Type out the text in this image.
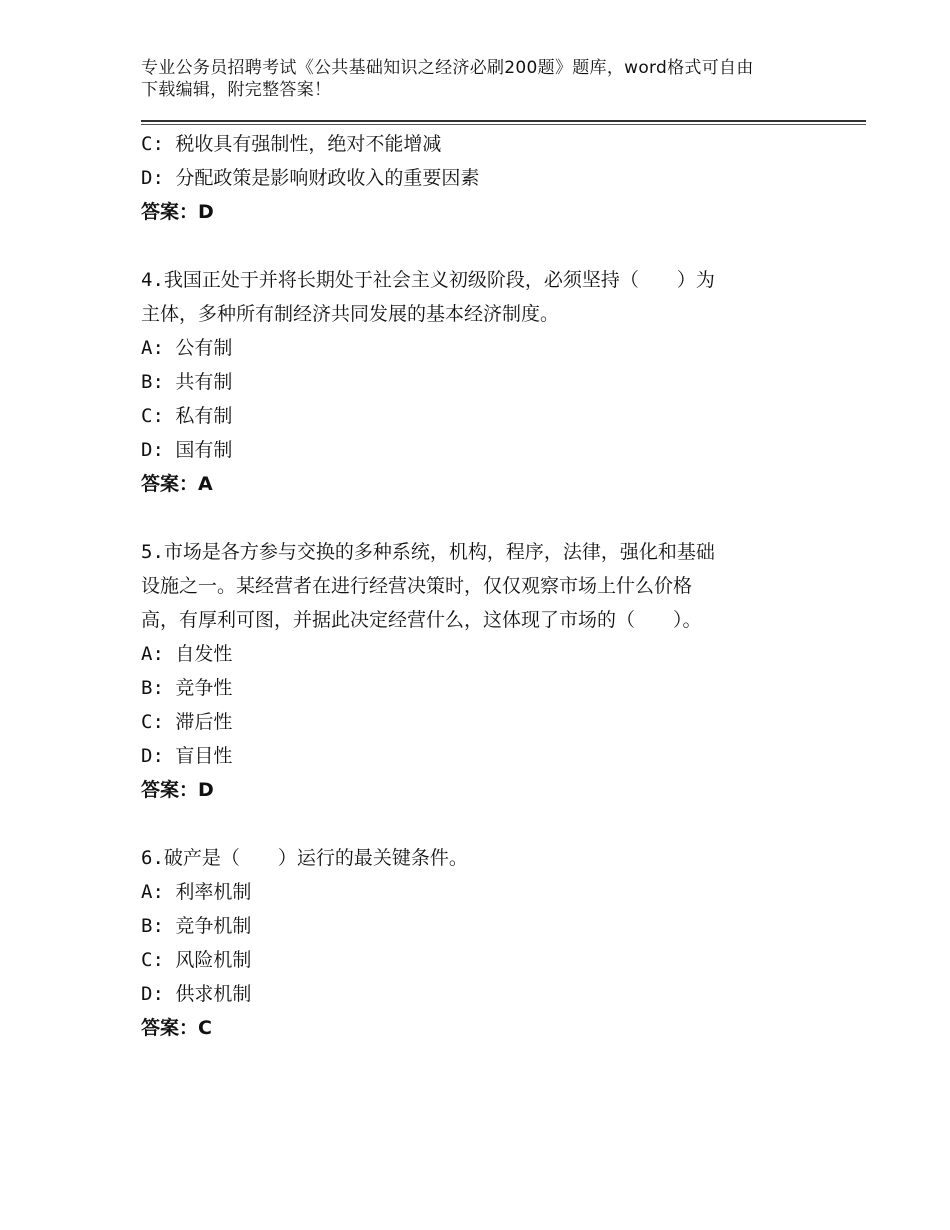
专业公务员招聘考试《公共基础知识之经济必刷200题》题库，word格式可自由
下载编辑，附完整答案！
C: 税收具有强制性，绝对不能增减
D: 分配政策是影响财政收入的重要因素
答案：D
4.我国正处于并将长期处于社会主义初级阶段，必须坚持（　　）为
主体，多种所有制经济共同发展的基本经济制度。
A: 公有制
B: 共有制
C: 私有制
D: 国有制
答案：A
5.市场是各方参与交换的多种系统，机构，程序，法律，强化和基础
设施之一。某经营者在进行经营决策时，仅仅观察市场上什么价格
高，有厚利可图，并据此决定经营什么，这体现了市场的（　　）。
A: 自发性
B: 竞争性
C: 滞后性
D: 盲目性
答案：D
6.破产是（　　）运行的最关键条件。
A: 利率机制
B: 竞争机制
C: 风险机制
D: 供求机制
答案：C
